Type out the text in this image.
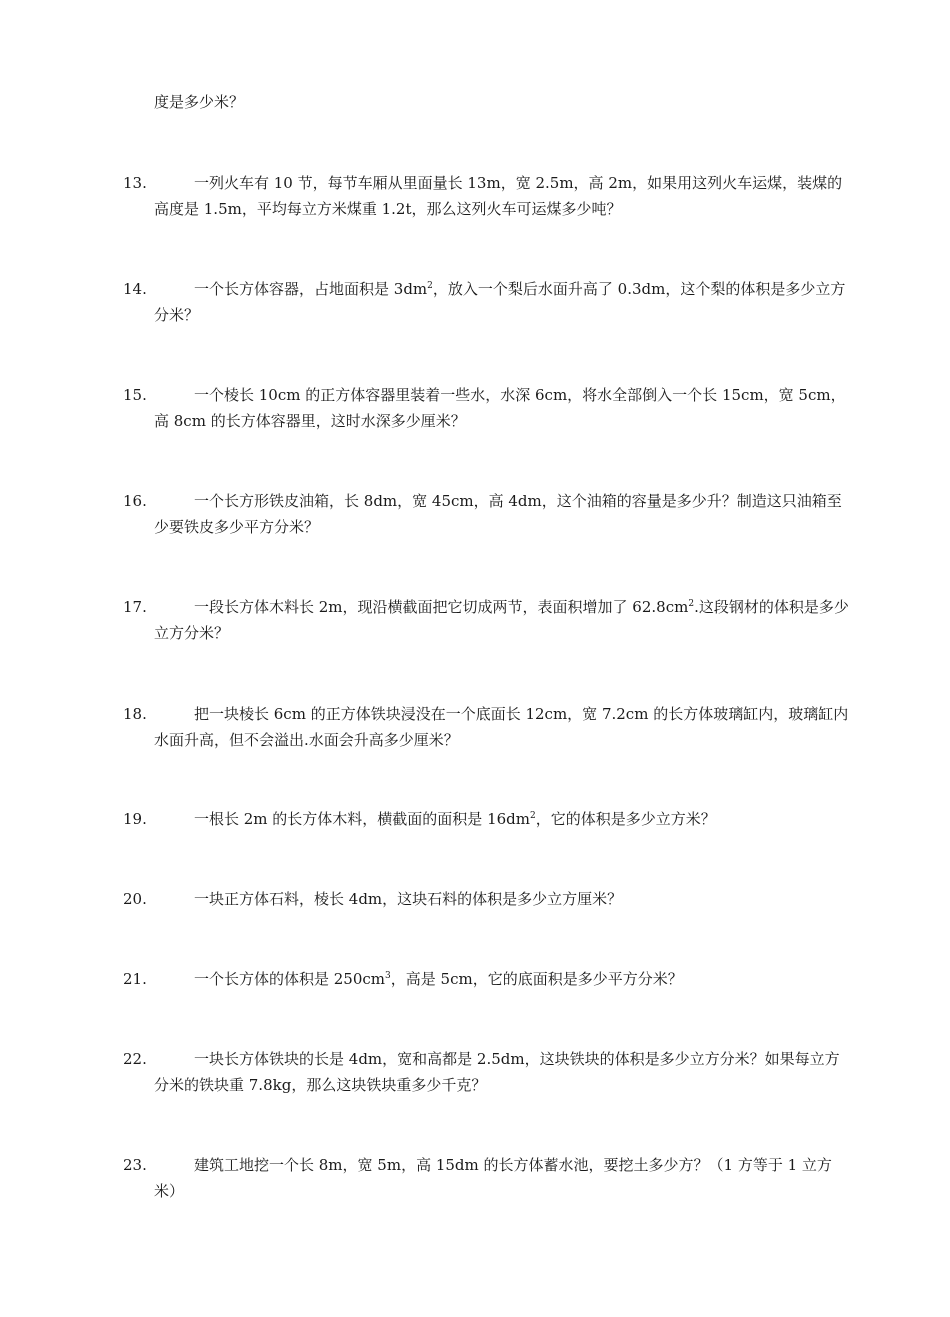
度是多少米？
13.	一列火车有 10 节，每节车厢从里面量长 13m，宽 2.5m，高 2m，如果用这列火车运煤，装煤的高度是 1.5m，平均每立方米煤重 1.2t，那么这列火车可运煤多少吨？
14.	一个长方体容器，占地面积是 $3dm^2$，放入一个梨后水面升高了 0.3dm，这个梨的体积是多少立方分米？
15.	一个棱长 10cm 的正方体容器里装着一些水，水深 6cm，将水全部倒入一个长 15cm，宽 5cm，高 8cm 的长方体容器里，这时水深多少厘米？
16.	一个长方形铁皮油箱，长 8dm，宽 45cm，高 4dm，这个油箱的容量是多少升？制造这只油箱至少要铁皮多少平方分米？
17.	一段长方体木料长 2m，现沿横截面把它切成两节，表面积增加了 $62.8cm^2$.这段钢材的体积是多少立方分米？
18.	把一块棱长 6cm 的正方体铁块浸没在一个底面长 12cm，宽 7.2cm 的长方体玻璃缸内，玻璃缸内水面升高，但不会溢出.水面会升高多少厘米？
19.	一根长 2m 的长方体木料，横截面的面积是 $16dm^2$，它的体积是多少立方米？
20.	一块正方体石料，棱长 4dm，这块石料的体积是多少立方厘米？
21.	一个长方体的体积是 $250cm^3$，高是 5cm，它的底面积是多少平方分米？
22.	一块长方体铁块的长是 4dm，宽和高都是 2.5dm，这块铁块的体积是多少立方分米？如果每立方分米的铁块重 7.8kg，那么这块铁块重多少千克？
23.	建筑工地挖一个长 8m，宽 5m，高 15dm 的长方体蓄水池，要挖土多少方？（1 方等于 1 立方米）
